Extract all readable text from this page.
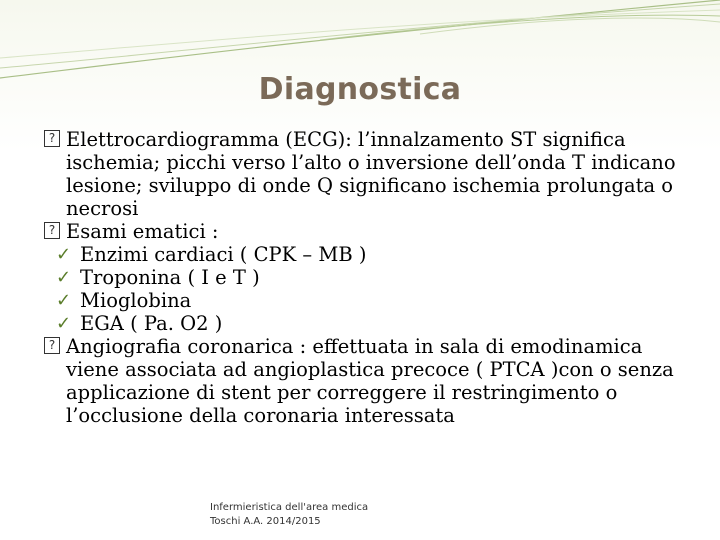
Diagnostica

? Elettrocardiogramma (ECG): l’innalzamento ST significa ischemia; picchi verso l’alto o inversione dell’onda T indicano lesione; sviluppo di onde Q significano ischemia prolungata o necrosi

? Esami ematici :

✓ Enzimi cardiaci ( CPK – MB )

✓ Troponina ( I e T )

✓ Mioglobina

✓ EGA ( Pa. O2 )

? Angiografia coronarica : effettuata in sala di emodinamica viene associata ad angioplastica precoce ( PTCA )con o senza applicazione di stent per correggere il restringimento o l’occlusione della coronaria interessata

Infermieristica dell'area medica
Toschi A.A. 2014/2015
